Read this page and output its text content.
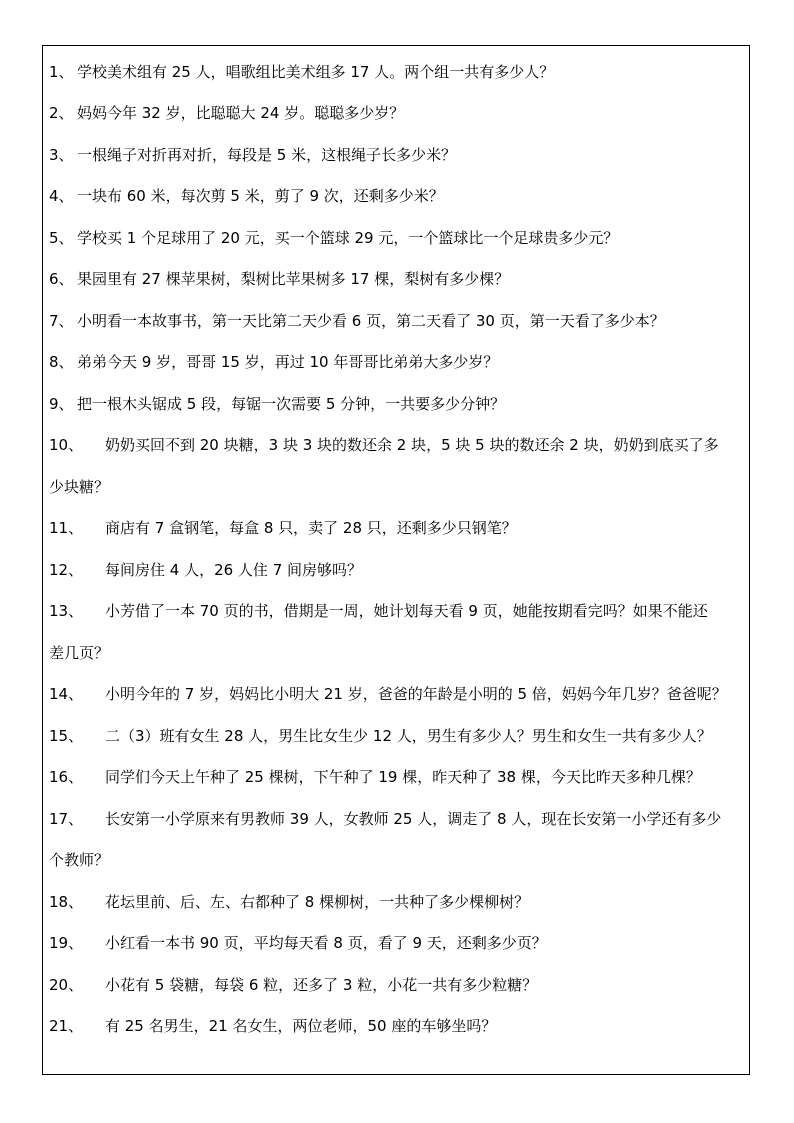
1、 学校美术组有 25 人，唱歌组比美术组多 17 人。两个组一共有多少人？
2、 妈妈今年 32 岁，比聪聪大 24 岁。聪聪多少岁？
3、 一根绳子对折再对折，每段是 5 米，这根绳子长多少米？
4、 一块布 60 米，每次剪 5 米，剪了 9 次，还剩多少米？
5、 学校买 1 个足球用了 20 元，买一个篮球 29 元，一个篮球比一个足球贵多少元？
6、 果园里有 27 棵苹果树，梨树比苹果树多 17 棵，梨树有多少棵？
7、 小明看一本故事书，第一天比第二天少看 6 页，第二天看了 30 页，第一天看了多少本？
8、 弟弟今天 9 岁，哥哥 15 岁，再过 10 年哥哥比弟弟大多少岁？
9、 把一根木头锯成 5 段，每锯一次需要 5 分钟，一共要多少分钟？
10、 奶奶买回不到 20 块糖，3 块 3 块的数还余 2 块，5 块 5 块的数还余 2 块，奶奶到底买了多
少块糖？
11、 商店有 7 盒钢笔，每盒 8 只，卖了 28 只，还剩多少只钢笔？
12、 每间房住 4 人，26 人住 7 间房够吗？
13、 小芳借了一本 70 页的书，借期是一周，她计划每天看 9 页，她能按期看完吗？如果不能还
差几页？
14、 小明今年的 7 岁，妈妈比小明大 21 岁，爸爸的年龄是小明的 5 倍，妈妈今年几岁？爸爸呢？
15、 二（3）班有女生 28 人，男生比女生少 12 人，男生有多少人？男生和女生一共有多少人？
16、 同学们今天上午种了 25 棵树，下午种了 19 棵，昨天种了 38 棵，今天比昨天多种几棵？
17、 长安第一小学原来有男教师 39 人，女教师 25 人，调走了 8 人，现在长安第一小学还有多少
个教师？
18、 花坛里前、后、左、右都种了 8 棵柳树，一共种了多少棵柳树？
19、 小红看一本书 90 页，平均每天看 8 页，看了 9 天，还剩多少页？
20、 小花有 5 袋糖，每袋 6 粒，还多了 3 粒，小花一共有多少粒糖？
21、 有 25 名男生，21 名女生，两位老师，50 座的车够坐吗？
